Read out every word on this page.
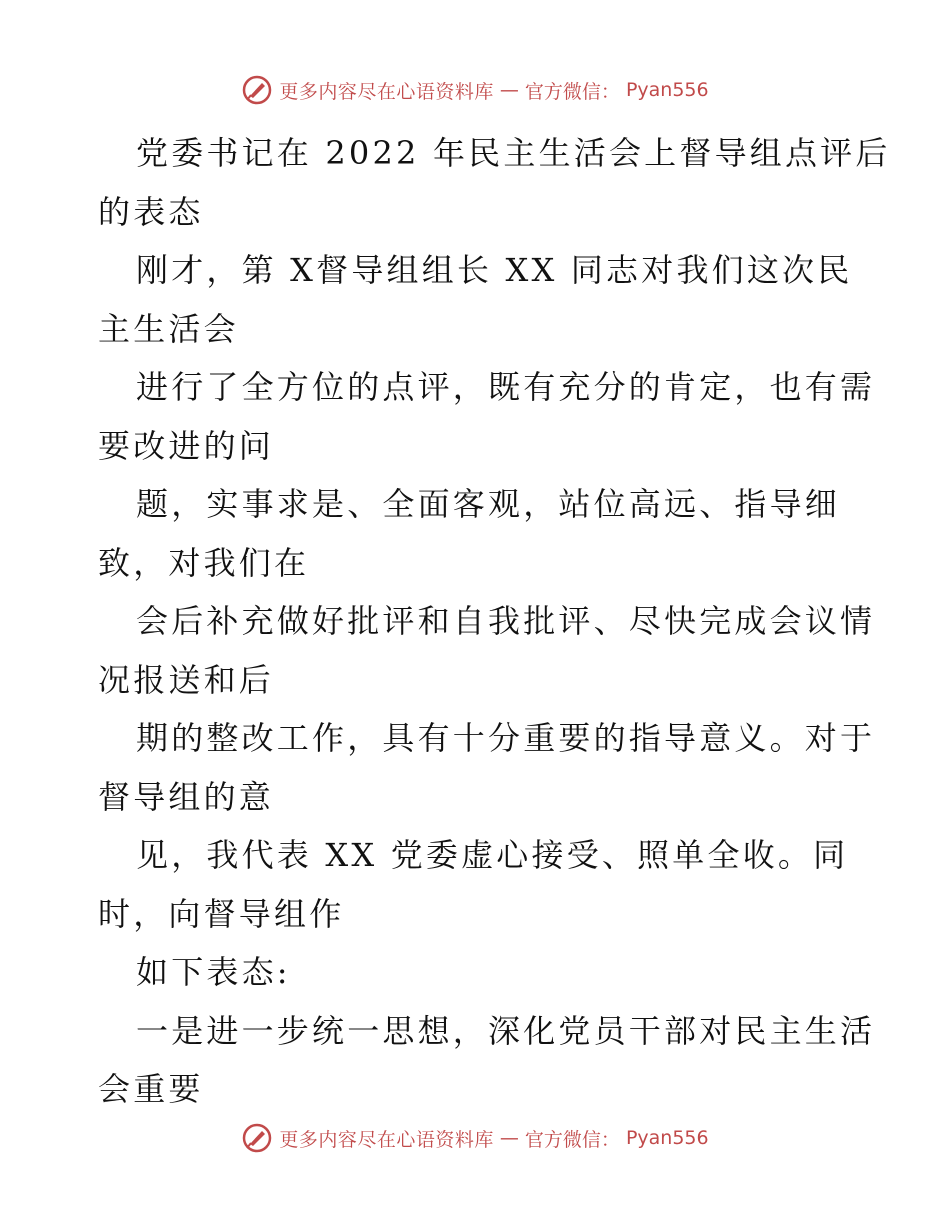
更多内容尽在心语资料库 — 官方微信： Pyan556
党委书记在 2022 年民主生活会上督导组点评后
的表态
刚才，第 X督导组组长 XX 同志对我们这次民
主生活会
进行了全方位的点评，既有充分的肯定，也有需
要改进的问
题，实事求是、全面客观，站位高远、指导细
致，对我们在
会后补充做好批评和自我批评、尽快完成会议情
况报送和后
期的整改工作，具有十分重要的指导意义。对于
督导组的意
见，我代表 XX 党委虚心接受、照单全收。同
时，向督导组作
如下表态:
一是进一步统一思想，深化党员干部对民主生活
会重要
更多内容尽在心语资料库 — 官方微信： Pyan556
